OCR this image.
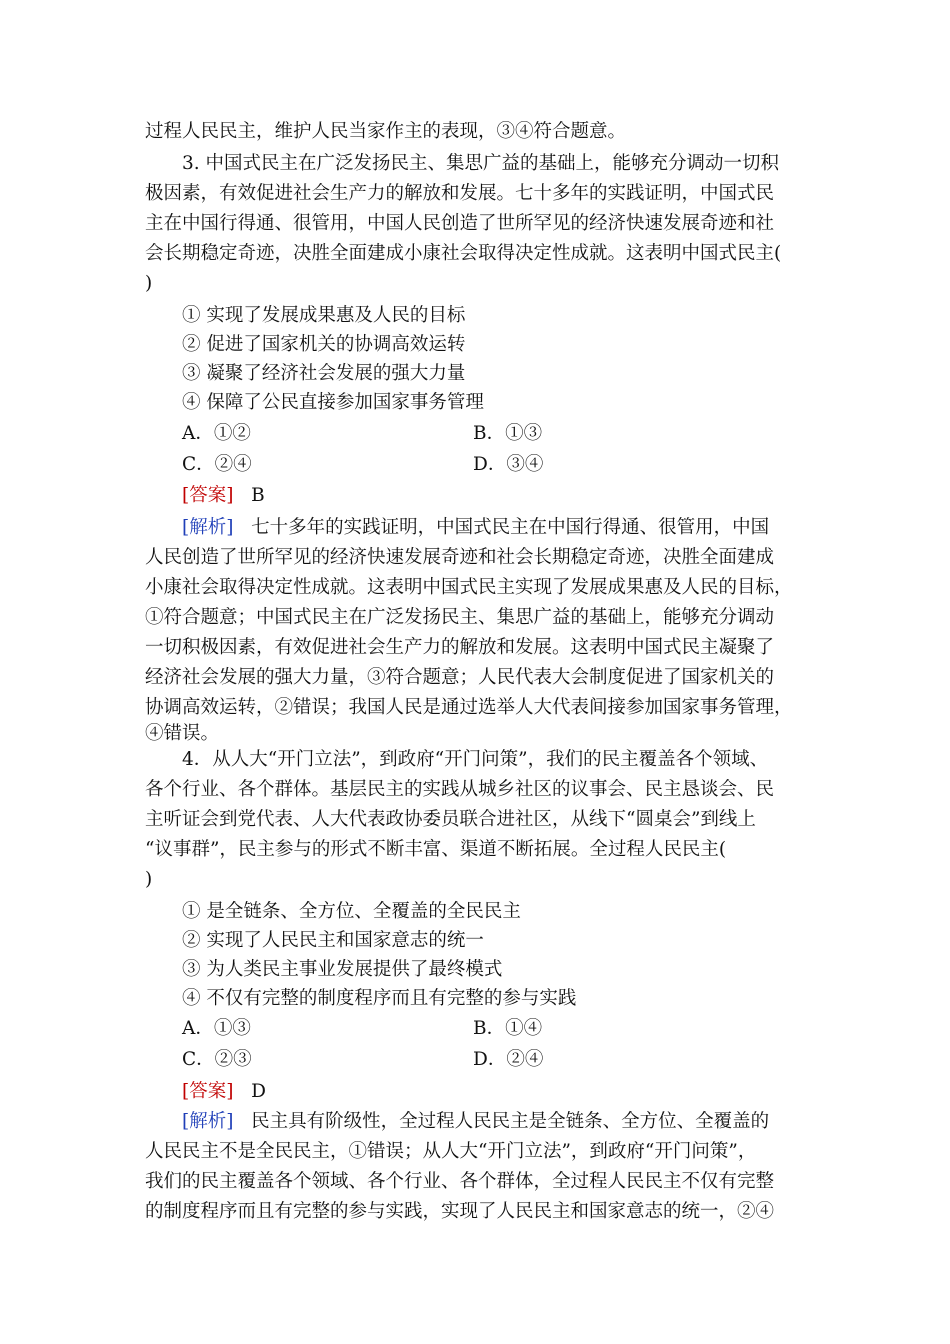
过程人民民主，维护人民当家作主的表现，③④符合题意。
3. 中国式民主在广泛发扬民主、集思广益的基础上，能够充分调动一切积
极因素，有效促进社会生产力的解放和发展。七十多年的实践证明，中国式民
主在中国行得通、很管用，中国人民创造了世所罕见的经济快速发展奇迹和社
会长期稳定奇迹，决胜全面建成小康社会取得决定性成就。这表明中国式民主(
)
① 实现了发展成果惠及人民的目标
② 促进了国家机关的协调高效运转
③ 凝聚了经济社会发展的强大力量
④ 保障了公民直接参加国家事务管理
A．①②	B．①③
C．②④	D．③④
[答案] B
[解析] 七十多年的实践证明，中国式民主在中国行得通、很管用，中国
人民创造了世所罕见的经济快速发展奇迹和社会长期稳定奇迹，决胜全面建成
小康社会取得决定性成就。这表明中国式民主实现了发展成果惠及人民的目标，
①符合题意；中国式民主在广泛发扬民主、集思广益的基础上，能够充分调动
一切积极因素，有效促进社会生产力的解放和发展。这表明中国式民主凝聚了
经济社会发展的强大力量，③符合题意；人民代表大会制度促进了国家机关的
协调高效运转，②错误；我国人民是通过选举人大代表间接参加国家事务管理，
④错误。
4．从人大“开门立法”，到政府“开门问策”，我们的民主覆盖各个领域、
各个行业、各个群体。基层民主的实践从城乡社区的议事会、民主恳谈会、民
主听证会到党代表、人大代表政协委员联合进社区，从线下“圆桌会”到线上
“议事群”，民主参与的形式不断丰富、渠道不断拓展。全过程人民民主(
)
① 是全链条、全方位、全覆盖的全民民主
② 实现了人民民主和国家意志的统一
③ 为人类民主事业发展提供了最终模式
④ 不仅有完整的制度程序而且有完整的参与实践
A．①③	B．①④
C．②③	D．②④
[答案] D
[解析] 民主具有阶级性，全过程人民民主是全链条、全方位、全覆盖的
人民民主不是全民民主，①错误；从人大“开门立法”，到政府“开门问策”，
我们的民主覆盖各个领域、各个行业、各个群体，全过程人民民主不仅有完整
的制度程序而且有完整的参与实践，实现了人民民主和国家意志的统一，②④
